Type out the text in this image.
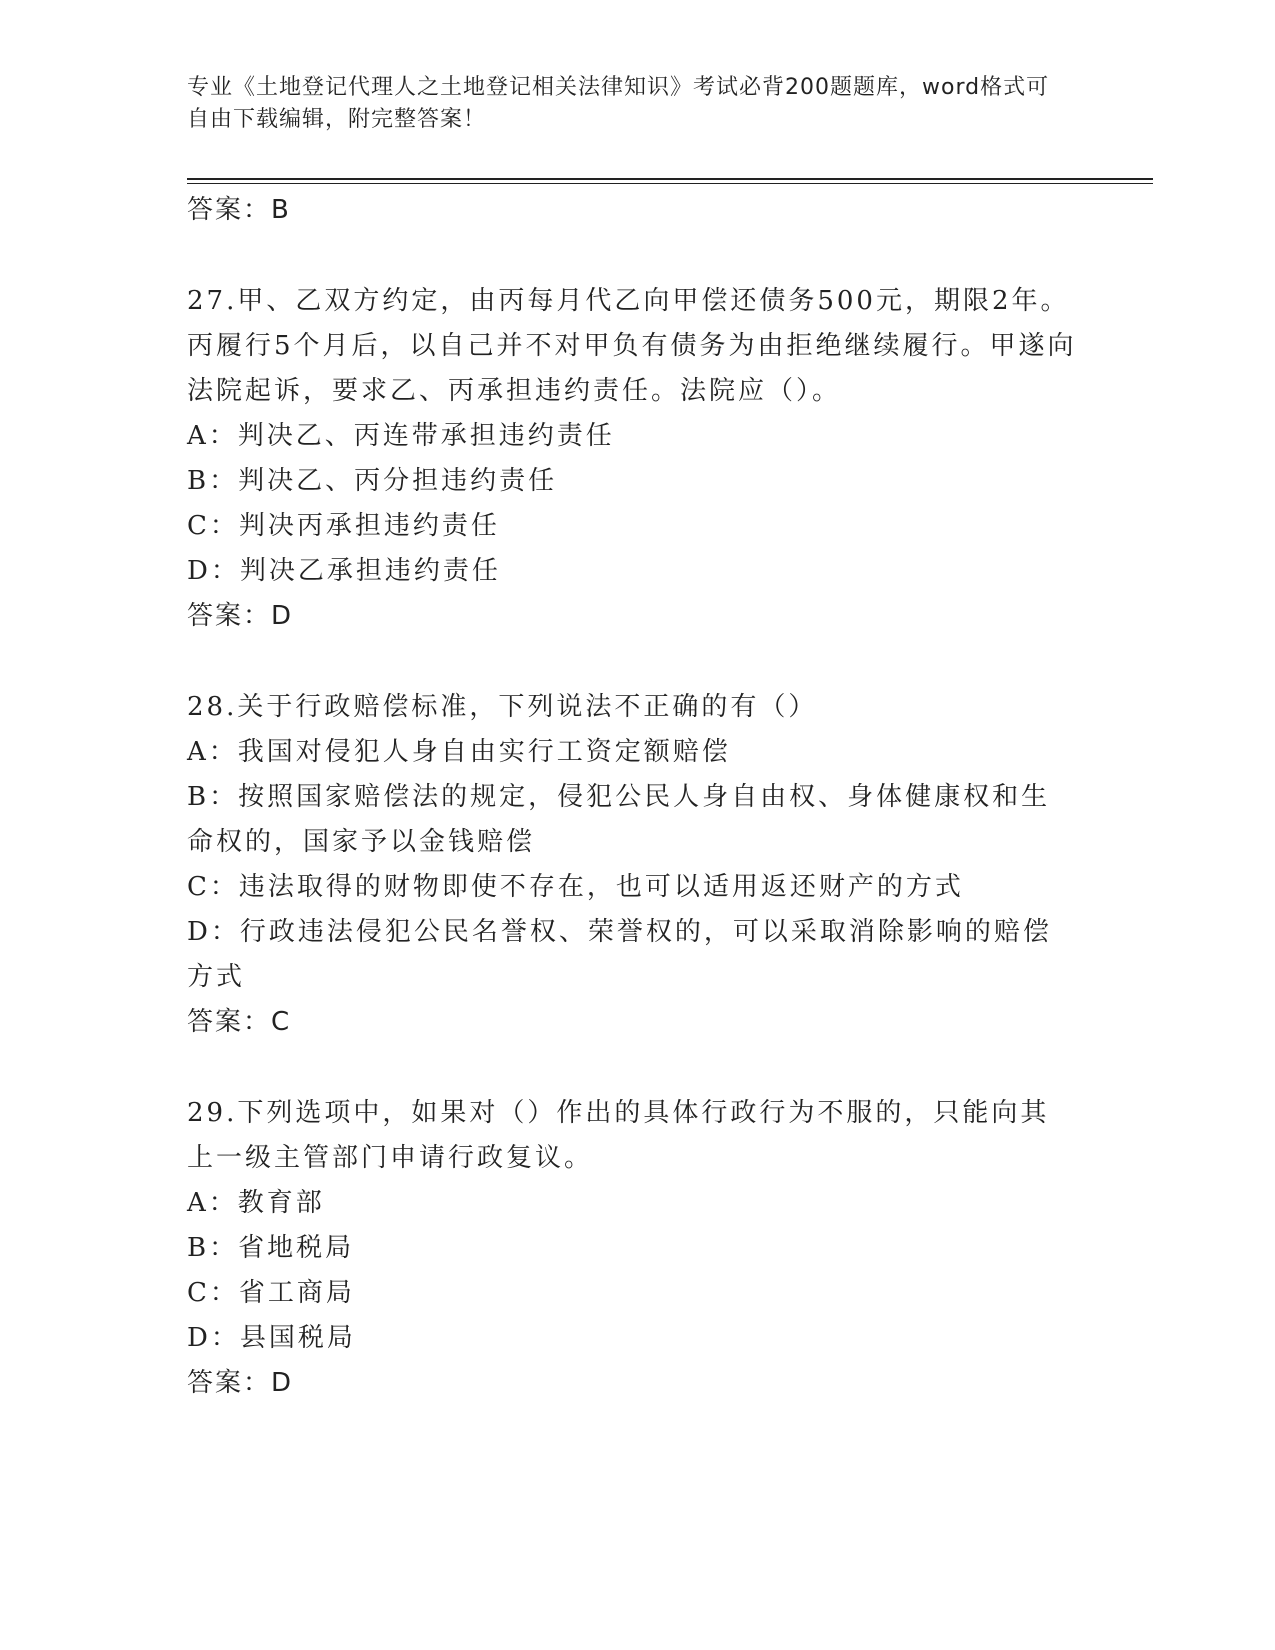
专业《土地登记代理人之土地登记相关法律知识》考试必背200题题库，word格式可自由下载编辑，附完整答案！
答案：B

27.甲、乙双方约定，由丙每月代乙向甲偿还债务500元，期限2年。丙履行5个月后，以自己并不对甲负有债务为由拒绝继续履行。甲遂向法院起诉，要求乙、丙承担违约责任。法院应（）。

A：判决乙、丙连带承担违约责任

B：判决乙、丙分担违约责任

C：判决丙承担违约责任

D：判决乙承担违约责任

答案：D

28.关于行政赔偿标准，下列说法不正确的有（）

A：我国对侵犯人身自由实行工资定额赔偿

B：按照国家赔偿法的规定，侵犯公民人身自由权、身体健康权和生命权的，国家予以金钱赔偿

C：违法取得的财物即使不存在，也可以适用返还财产的方式

D：行政违法侵犯公民名誉权、荣誉权的，可以采取消除影响的赔偿方式

答案：C

29.下列选项中，如果对（）作出的具体行政行为不服的，只能向其上一级主管部门申请行政复议。

A：教育部

B：省地税局

C：省工商局

D：县国税局

答案：D
